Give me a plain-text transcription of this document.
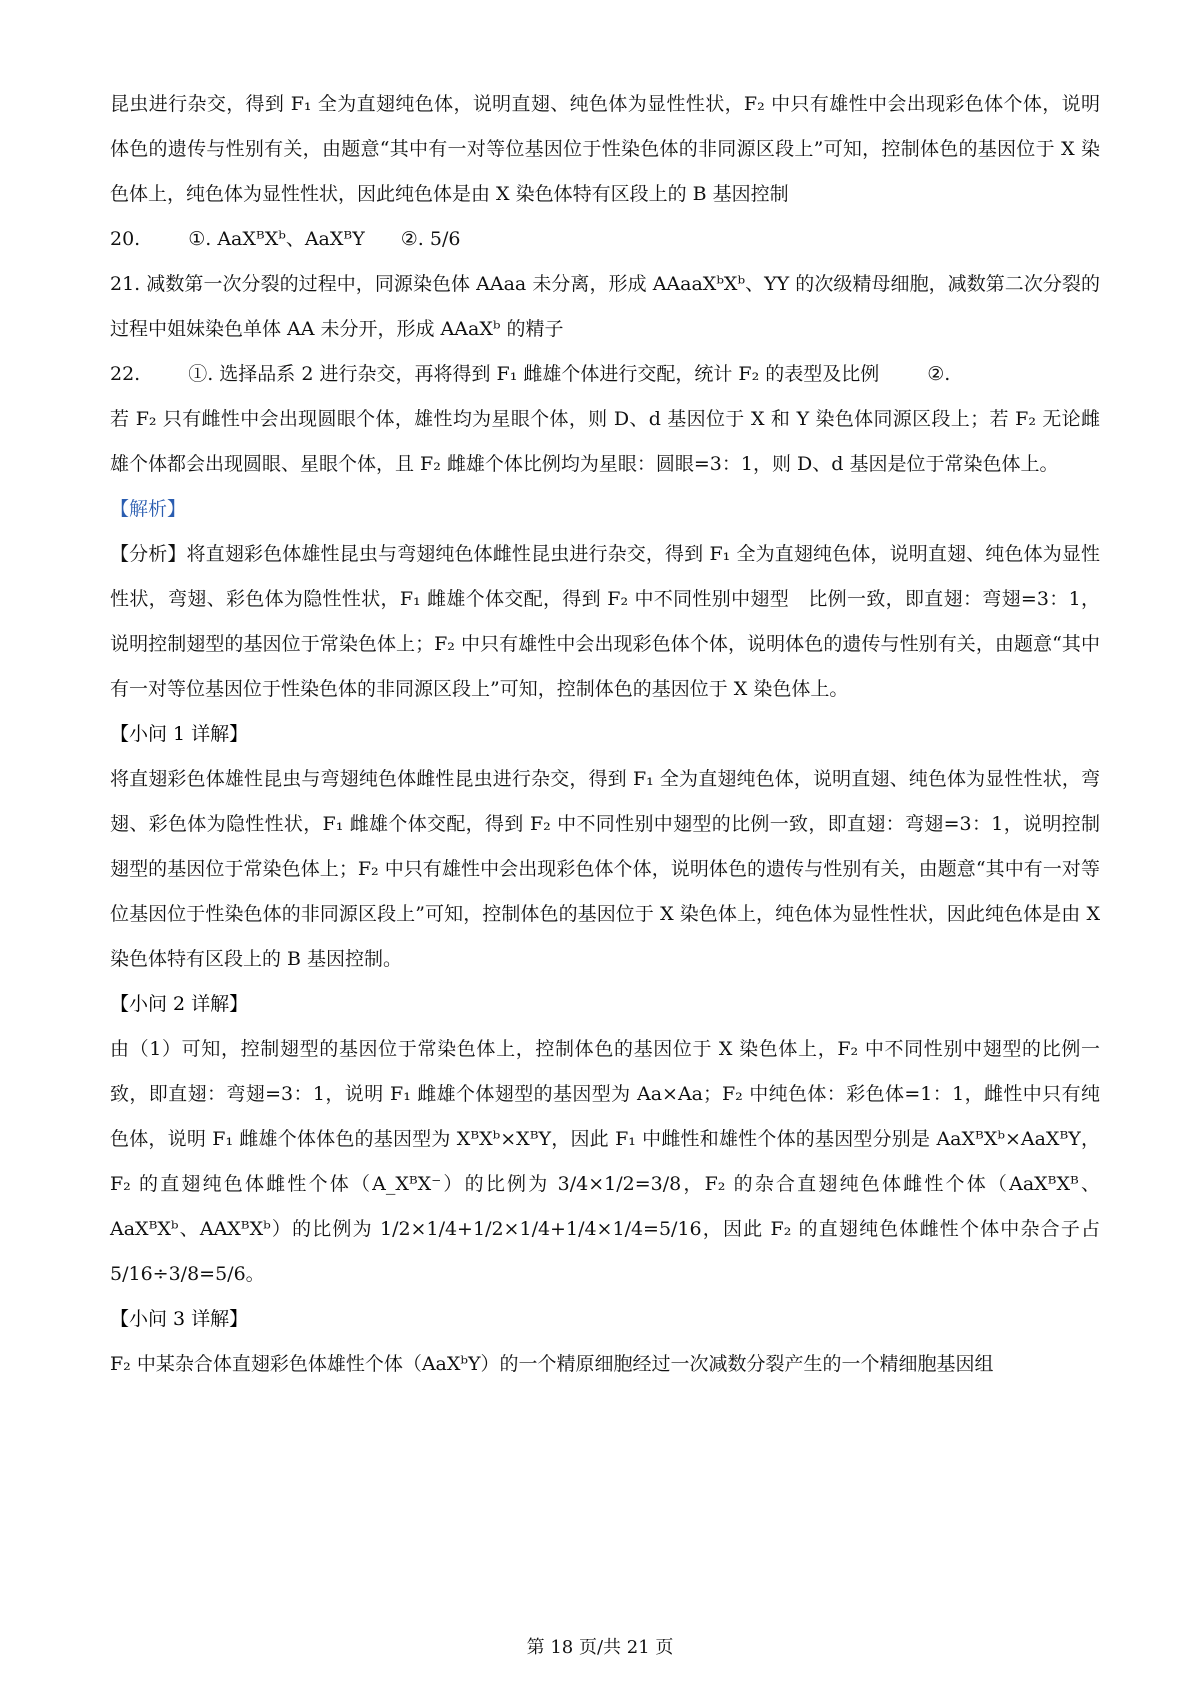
昆虫进行杂交，得到 F₁ 全为直翅纯色体，说明直翅、纯色体为显性性状，F₂ 中只有雄性中会出现彩色体个体，说明体色的遗传与性别有关，由题意“其中有一对等位基因位于性染色体的非同源区段上”可知，控制体色的基因位于 X 染色体上，纯色体为显性性状，因此纯色体是由 X 染色体特有区段上的 B 基因控制

20.	①. AaXᴮXᵇ、AaXᴮY ②. 5/6

21. 减数第一次分裂的过程中，同源染色体 AAaa 未分离，形成 AAaaXᵇXᵇ、YY 的次级精母细胞，减数第二次分裂的过程中姐妹染色单体 AA 未分开，形成 AAaXᵇ 的精子

22.	①. 选择品系 2 进行杂交，再将得到 F₁ 雌雄个体进行交配，统计 F₂ 的表型及比例	②.

若 F₂ 只有雌性中会出现圆眼个体，雄性均为星眼个体，则 D、d 基因位于 X 和 Y 染色体同源区段上；若 F₂ 无论雌雄个体都会出现圆眼、星眼个体，且 F₂ 雌雄个体比例均为星眼：圆眼=3：1，则 D、d 基因是位于常染色体上。

【解析】

【分析】将直翅彩色体雄性昆虫与弯翅纯色体雌性昆虫进行杂交，得到 F₁ 全为直翅纯色体，说明直翅、纯色体为显性性状，弯翅、彩色体为隐性性状，F₁ 雌雄个体交配，得到 F₂ 中不同性别中翅型　比例一致，即直翅：弯翅=3：1，说明控制翅型的基因位于常染色体上；F₂ 中只有雄性中会出现彩色体个体，说明体色的遗传与性别有关，由题意“其中有一对等位基因位于性染色体的非同源区段上”可知，控制体色的基因位于 X 染色体上。

【小问 1 详解】

将直翅彩色体雄性昆虫与弯翅纯色体雌性昆虫进行杂交，得到 F₁ 全为直翅纯色体，说明直翅、纯色体为显性性状，弯翅、彩色体为隐性性状，F₁ 雌雄个体交配，得到 F₂ 中不同性别中翅型的比例一致，即直翅：弯翅=3：1，说明控制翅型的基因位于常染色体上；F₂ 中只有雄性中会出现彩色体个体，说明体色的遗传与性别有关，由题意“其中有一对等位基因位于性染色体的非同源区段上”可知，控制体色的基因位于 X 染色体上，纯色体为显性性状，因此纯色体是由 X 染色体特有区段上的 B 基因控制。

【小问 2 详解】

由（1）可知，控制翅型的基因位于常染色体上，控制体色的基因位于 X 染色体上，F₂ 中不同性别中翅型的比例一致，即直翅：弯翅=3：1，说明 F₁ 雌雄个体翅型的基因型为 Aa×Aa；F₂ 中纯色体：彩色体=1：1，雌性中只有纯色体，说明 F₁ 雌雄个体体色的基因型为 XᴮXᵇ×XᴮY，因此 F₁ 中雌性和雄性个体的基因型分别是 AaXᴮXᵇ×AaXᴮY，F₂ 的直翅纯色体雌性个体（A_XᴮX⁻）的比例为 3/4×1/2=3/8，F₂ 的杂合直翅纯色体雌性个体（AaXᴮXᴮ、AaXᴮXᵇ、AAXᴮXᵇ）的比例为 1/2×1/4+1/2×1/4+1/4×1/4=5/16，因此 F₂ 的直翅纯色体雌性个体中杂合子占 5/16÷3/8=5/6。

【小问 3 详解】

F₂ 中某杂合体直翅彩色体雄性个体（AaXᵇY）的一个精原细胞经过一次减数分裂产生的一个精细胞基因组

第 18 页/共 21 页
